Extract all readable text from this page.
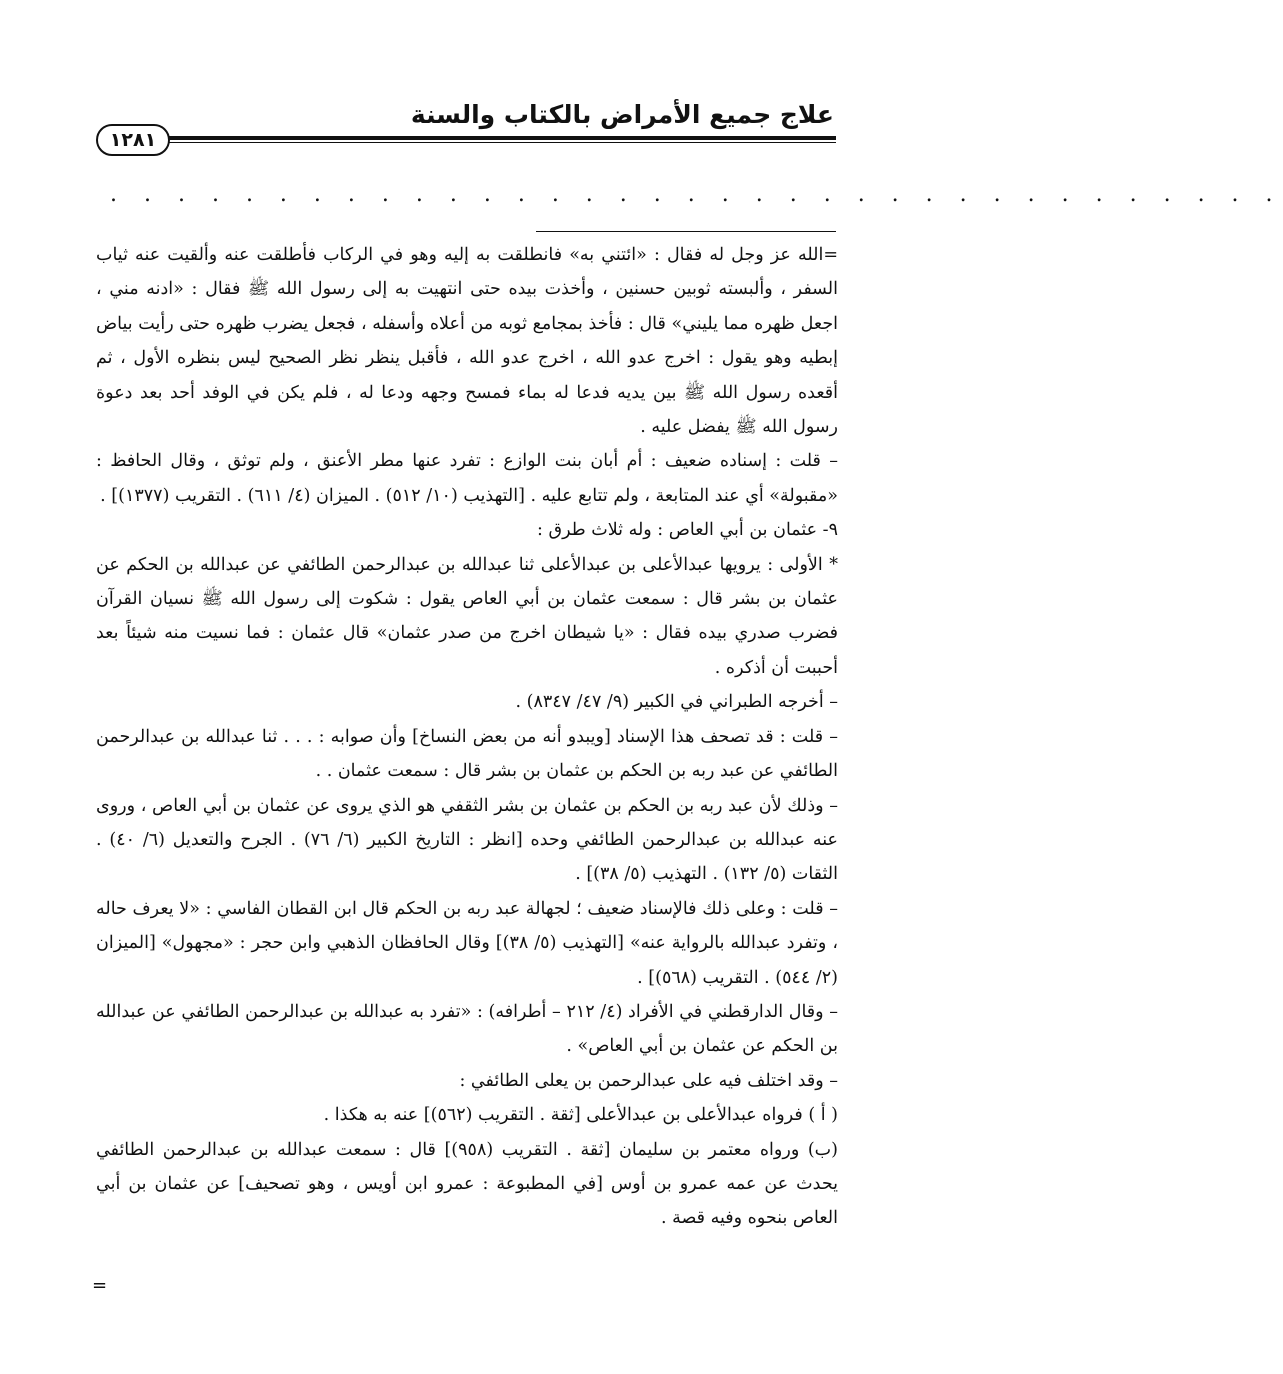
علاج جميع الأمراض بالكتاب والسنة
١٢٨١
. . . . . . . . . . . . . . . . . . . . . . . . . . . . . . . . . . .

=الله عز وجل له فقال : «ائتني به» فانطلقت به إليه وهو في الركاب فأطلقت عنه وألقيت عنه ثياب السفر ، وألبسته ثوبين حسنين ، وأخذت بيده حتى انتهيت به إلى رسول الله ﷺ فقال : «ادنه مني ، اجعل ظهره مما يليني» قال : فأخذ بمجامع ثوبه من أعلاه وأسفله ، فجعل يضرب ظهره حتى رأيت بياض إبطيه وهو يقول : اخرج عدو الله ، اخرج عدو الله ، فأقبل ينظر نظر الصحيح ليس بنظره الأول ، ثم أقعده رسول الله ﷺ بين يديه فدعا له بماء فمسح وجهه ودعا له ، فلم يكن في الوفد أحد بعد دعوة رسول الله ﷺ يفضل عليه .

– قلت : إسناده ضعيف : أم أبان بنت الوازع : تفرد عنها مطر الأعنق ، ولم توثق ، وقال الحافظ : «مقبولة» أي عند المتابعة ، ولم تتابع عليه . [التهذيب (١٠/ ٥١٢) . الميزان (٤/ ٦١١) . التقريب (١٣٧٧)] .

٩- عثمان بن أبي العاص : وله ثلاث طرق :

* الأولى : يرويها عبدالأعلى بن عبدالأعلى ثنا عبدالله بن عبدالرحمن الطائفي عن عبدالله بن الحكم عن عثمان بن بشر قال : سمعت عثمان بن أبي العاص يقول : شكوت إلى رسول الله ﷺ نسيان القرآن فضرب صدري بيده فقال : «يا شيطان اخرج من صدر عثمان» قال عثمان : فما نسيت منه شيئاً بعد أحببت أن أذكره .

– أخرجه الطبراني في الكبير (٩/ ٤٧/ ٨٣٤٧) .

– قلت : قد تصحف هذا الإسناد [ويبدو أنه من بعض النساخ] وأن صوابه : . . . ثنا عبدالله بن عبدالرحمن الطائفي عن عبد ربه بن الحكم بن عثمان بن بشر قال : سمعت عثمان . .

– وذلك لأن عبد ربه بن الحكم بن عثمان بن بشر الثقفي هو الذي يروى عن عثمان بن أبي العاص ، وروى عنه عبدالله بن عبدالرحمن الطائفي وحده [انظر : التاريخ الكبير (٦/ ٧٦) . الجرح والتعديل (٦/ ٤٠) . الثقات (٥/ ١٣٢) . التهذيب (٥/ ٣٨)] .

– قلت : وعلى ذلك فالإسناد ضعيف ؛ لجهالة عبد ربه بن الحكم قال ابن القطان الفاسي : «لا يعرف حاله ، وتفرد عبدالله بالرواية عنه» [التهذيب (٥/ ٣٨)] وقال الحافظان الذهبي وابن حجر : «مجهول» [الميزان (٢/ ٥٤٤) . التقريب (٥٦٨)] .

– وقال الدارقطني في الأفراد (٤/ ٢١٢ – أطرافه) : «تفرد به عبدالله بن عبدالرحمن الطائفي عن عبدالله بن الحكم عن عثمان بن أبي العاص» .

– وقد اختلف فيه على عبدالرحمن بن يعلى الطائفي :

( أ ) فرواه عبدالأعلى بن عبدالأعلى [ثقة . التقريب (٥٦٢)] عنه به هكذا .

(ب) ورواه معتمر بن سليمان [ثقة . التقريب (٩٥٨)] قال : سمعت عبدالله بن عبدالرحمن الطائفي يحدث عن عمه عمرو بن أوس [في المطبوعة : عمرو ابن أويس ، وهو تصحيف] عن عثمان بن أبي العاص بنحوه وفيه قصة .

=
